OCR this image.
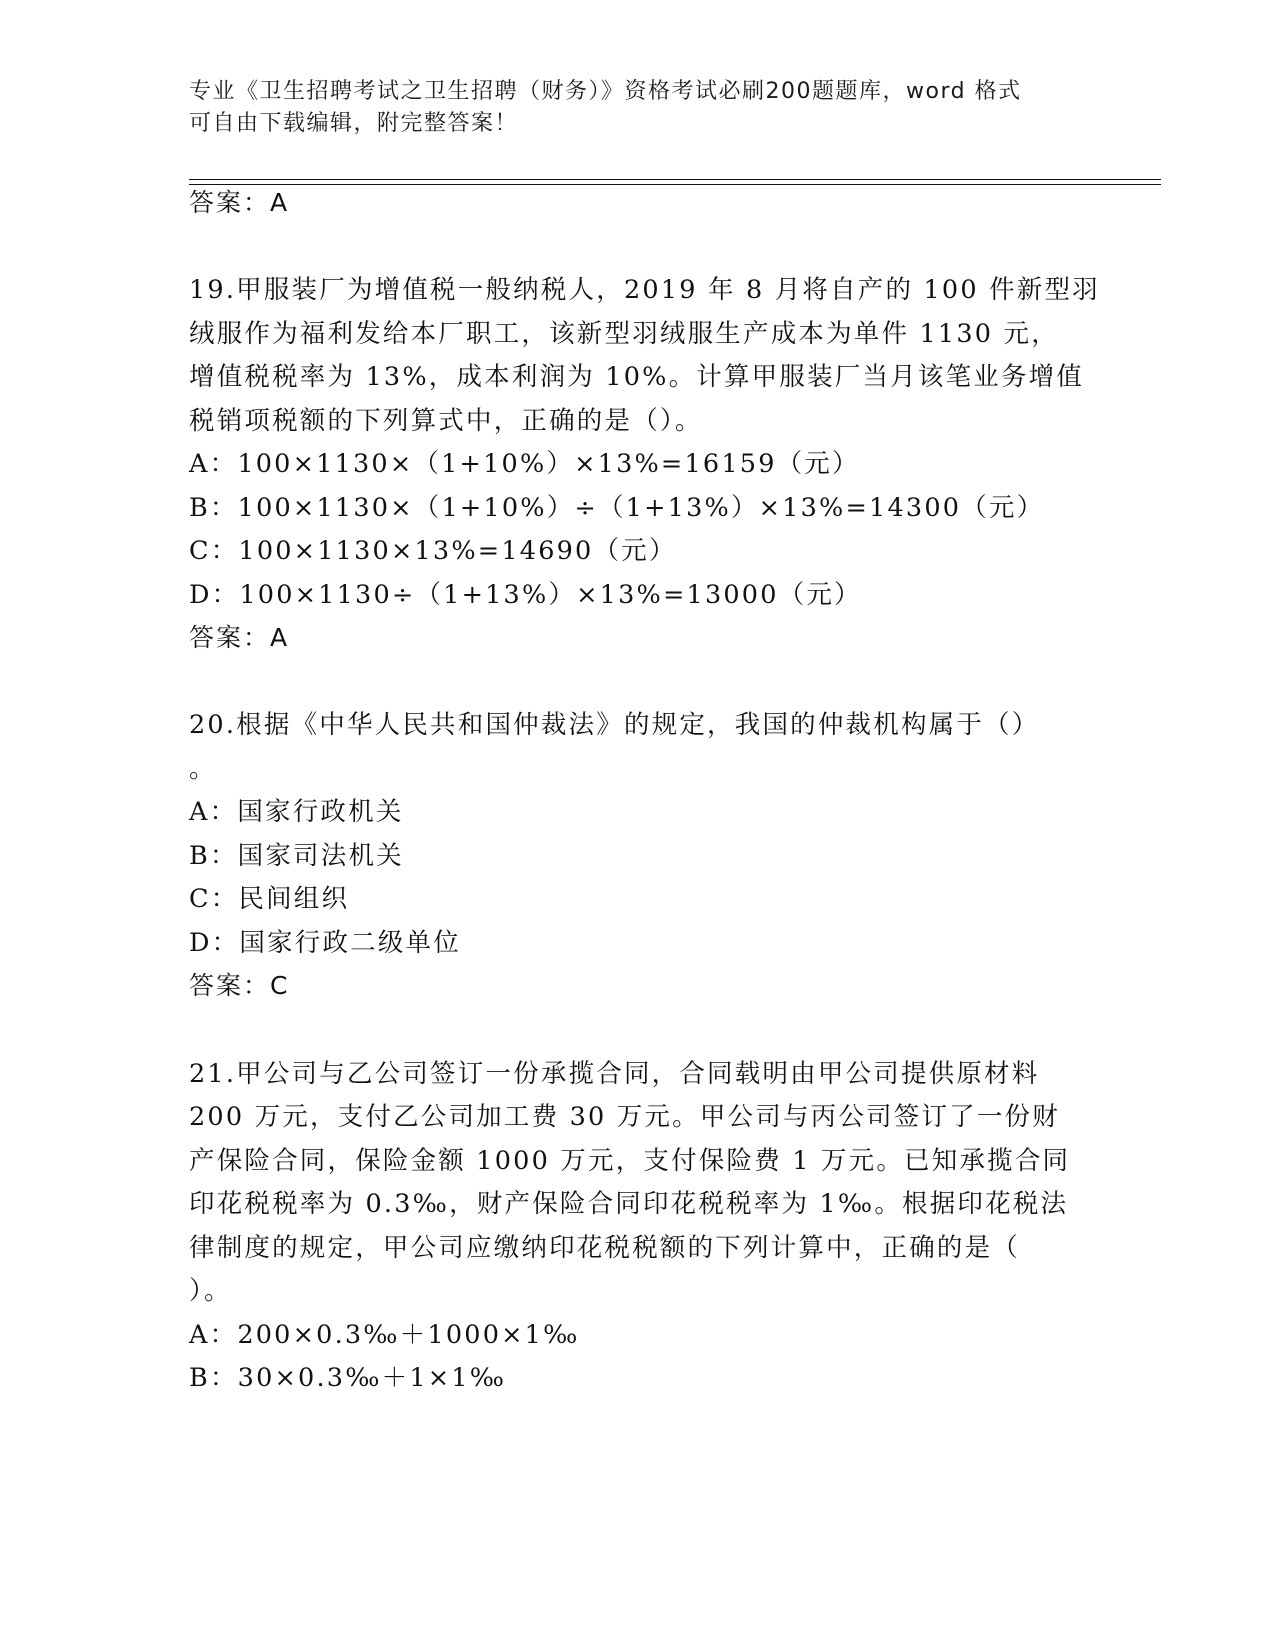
专业《卫生招聘考试之卫生招聘（财务）》资格考试必刷200题题库，word 格式
可自由下载编辑，附完整答案！
答案：A
19.甲服装厂为增值税一般纳税人，2019 年 8 月将自产的 100 件新型羽
绒服作为福利发给本厂职工，该新型羽绒服生产成本为单件 1130 元，
增值税税率为 13%，成本利润为 10%。计算甲服装厂当月该笔业务增值
税销项税额的下列算式中，正确的是（）。
A：100×1130×（1+10%）×13%=16159（元）
B：100×1130×（1+10%）÷（1+13%）×13%=14300（元）
C：100×1130×13%=14690（元）
D：100×1130÷（1+13%）×13%=13000（元）
答案：A
20.根据《中华人民共和国仲裁法》的规定，我国的仲裁机构属于（）
。
A：国家行政机关
B：国家司法机关
C：民间组织
D：国家行政二级单位
答案：C
21.甲公司与乙公司签订一份承揽合同，合同载明由甲公司提供原材料
200 万元，支付乙公司加工费 30 万元。甲公司与丙公司签订了一份财
产保险合同，保险金额 1000 万元，支付保险费 1 万元。已知承揽合同
印花税税率为 0.3‰，财产保险合同印花税税率为 1‰。根据印花税法
律制度的规定，甲公司应缴纳印花税税额的下列计算中，正确的是（
）。
A：200×0.3‰＋1000×1‰
B：30×0.3‰＋1×1‰
